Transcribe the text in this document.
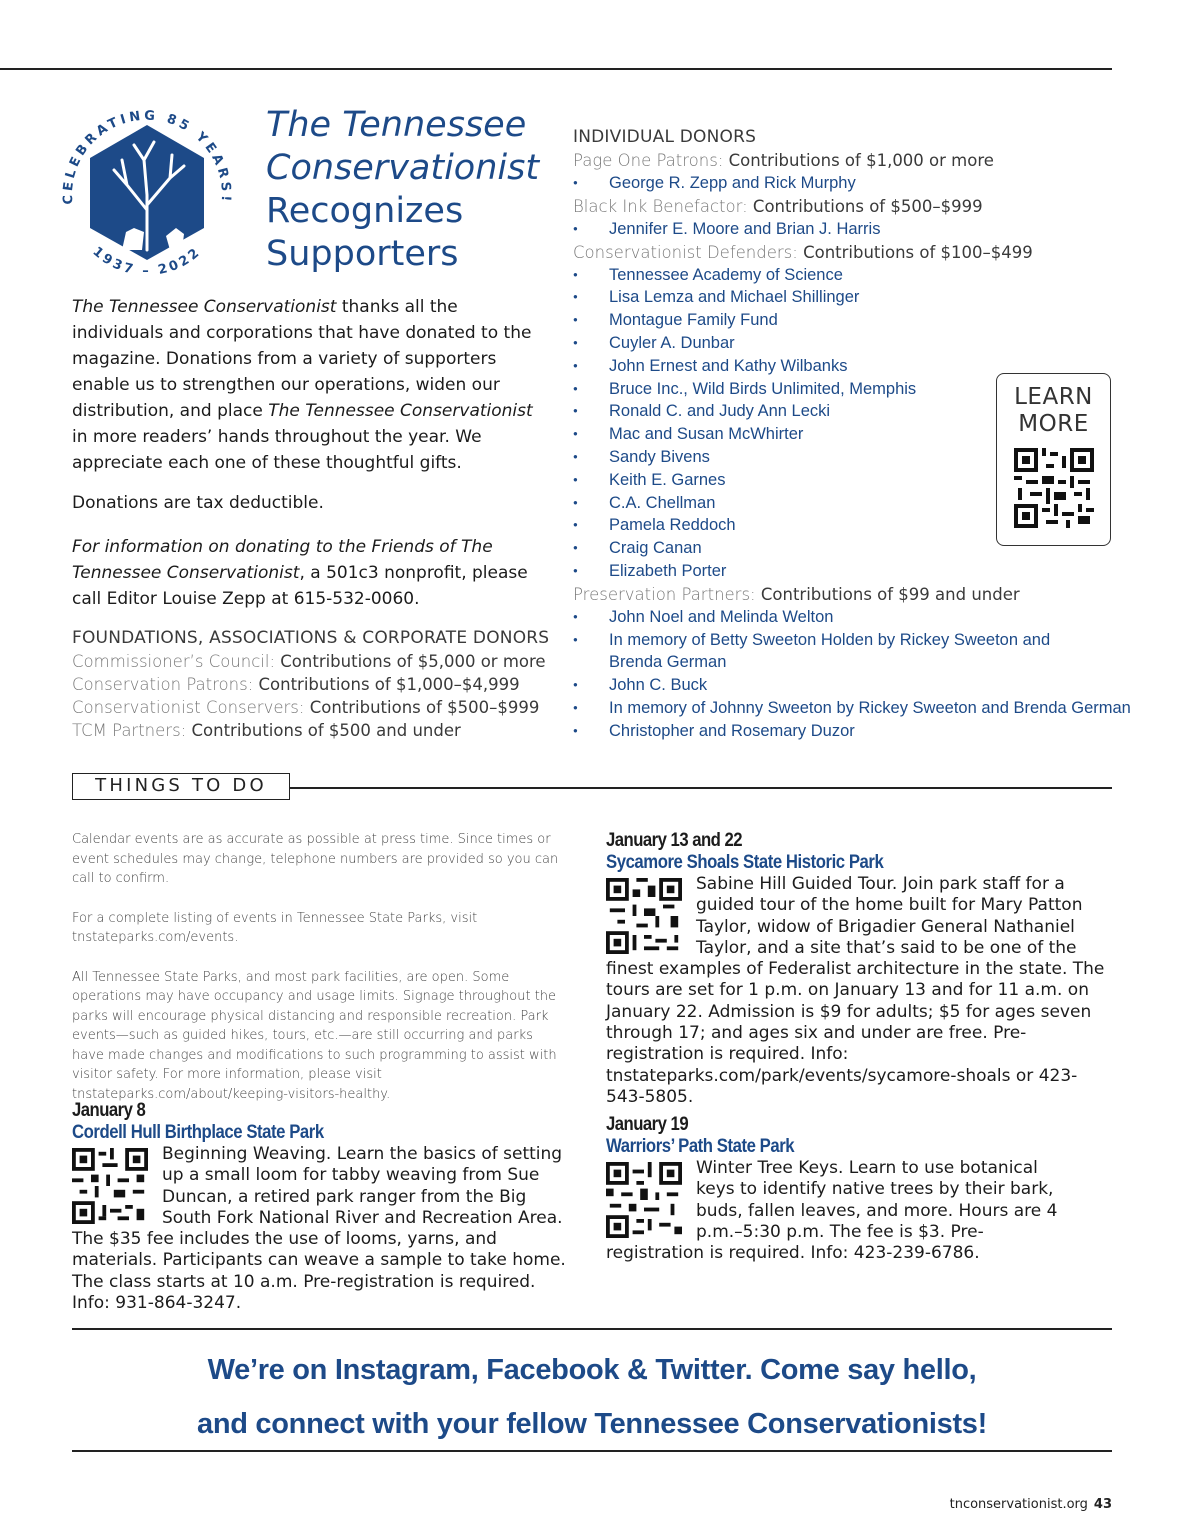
CELEBRATING 85 YEARS!
1937 – 2022
The Tennessee
Conservationist
Recognizes
Supporters

The Tennessee Conservationist thanks all the individuals and corporations that have donated to the magazine. Donations from a variety of supporters enable us to strengthen our operations, widen our distribution, and place The Tennessee Conservationist in more readers’ hands throughout the year. We appreciate each one of these thoughtful gifts.

Donations are tax deductible.

For information on donating to the Friends of The Tennessee Conservationist, a 501c3 nonprofit, please call Editor Louise Zepp at 615-532-0060.

FOUNDATIONS, ASSOCIATIONS & CORPORATE DONORS
Commissioner’s Council: Contributions of $5,000 or more
Conservation Patrons: Contributions of $1,000–$4,999
Conservationist Conservers: Contributions of $500–$999
TCM Partners: Contributions of $500 and under
INDIVIDUAL DONORS
Page One Patrons: Contributions of $1,000 or more
● George R. Zepp and Rick Murphy
Black Ink Benefactor: Contributions of $500–$999
● Jennifer E. Moore and Brian J. Harris
Conservationist Defenders: Contributions of $100–$499
● Tennessee Academy of Science
● Lisa Lemza and Michael Shillinger
● Montague Family Fund
● Cuyler A. Dunbar
● John Ernest and Kathy Wilbanks
● Bruce Inc., Wild Birds Unlimited, Memphis
● Ronald C. and Judy Ann Lecki
● Mac and Susan McWhirter
● Sandy Bivens
● Keith E. Garnes
● C.A. Chellman
● Pamela Reddoch
● Craig Canan
● Elizabeth Porter
Preservation Partners: Contributions of $99 and under
● John Noel and Melinda Welton
● In memory of Betty Sweeton Holden by Rickey Sweeton and Brenda German
● John C. Buck
● In memory of Johnny Sweeton by Rickey Sweeton and Brenda German
● Christopher and Rosemary Duzor
LEARN
MORE
THINGS TO DO

Calendar events are as accurate as possible at press time. Since times or event schedules may change, telephone numbers are provided so you can call to confirm.

For a complete listing of events in Tennessee State Parks, visit tnstateparks.com/events.

All Tennessee State Parks, and most park facilities, are open. Some operations may have occupancy and usage limits. Signage throughout the parks will encourage physical distancing and responsible recreation. Park events—such as guided hikes, tours, etc.—are still occurring and parks have made changes and modifications to such programming to assist with visitor safety. For more information, please visit tnstateparks.com/about/keeping-visitors-healthy.

January 8
Cordell Hull Birthplace State Park
Beginning Weaving. Learn the basics of setting up a small loom for tabby weaving from Sue Duncan, a retired park ranger from the Big South Fork National River and Recreation Area. The $35 fee includes the use of looms, yarns, and materials. Participants can weave a sample to take home. The class starts at 10 a.m. Pre-registration is required. Info: 931-864-3247.
January 13 and 22
Sycamore Shoals State Historic Park
Sabine Hill Guided Tour. Join park staff for a guided tour of the home built for Mary Patton Taylor, widow of Brigadier General Nathaniel Taylor, and a site that’s said to be one of the finest examples of Federalist architecture in the state. The tours are set for 1 p.m. on January 13 and for 11 a.m. on January 22. Admission is $9 for adults; $5 for ages seven through 17; and ages six and under are free. Pre-registration is required. Info: tnstateparks.com/park/events/sycamore-shoals or 423-543-5805.
January 19
Warriors’ Path State Park
Winter Tree Keys. Learn to use botanical keys to identify native trees by their bark, buds, fallen leaves, and more. Hours are 4 p.m.–5:30 p.m. The fee is $3. Pre-registration is required. Info: 423-239-6786.
We’re on Instagram, Facebook & Twitter. Come say hello,
and connect with your fellow Tennessee Conservationists!
tnconservationist.org 43
